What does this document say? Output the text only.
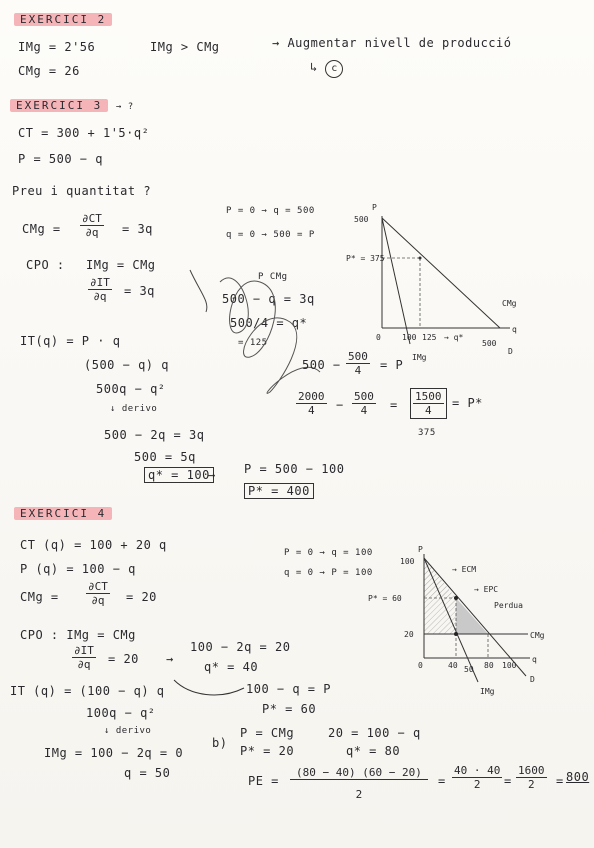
EXERCICI 2
IMg = 2'56
CMg = 26
IMg > CMg	→ Augmentar nivell de producció
↳ c
EXERCICI 3 → ?
CT = 300 + 1'5·q²
P = 500 − q
Preu i quantitat ?
CMg = $\frac{\partial CT}{\partial q} = 3q$
CPO : IMg = CMg
$\frac{\partial IT}{\partial q} = 3q$
IT(q) = P · q
(500 − q) q
500q − q²
↓ derivo
500 − 2q = 3q
500 = 5q
q* = 100
→ P = 500 − 100
P* = 400
P = 0 → q = 500
q = 0 → 500 = P
P CMg
500 − q = 3q
500/4 = q*
= 125
$500 - \frac{500}{4} = P$
$\frac{2000}{4} - \frac{500}{4} = \frac{1500}{4} = P*$
375
P
500
P* = 375
0	100 125 → q*
500
q
D
IMg
CMg
EXERCICI 4
CT (q) = 100 + 20 q
P (q) = 100 − q
CMg = $\frac{\partial CT}{\partial q} = 20$
CPO : IMg = CMg
$\frac{\partial IT}{\partial q} = 20$ →
100 − 2q = 20
q* = 40
IT (q) = (100 − q) q
100q − q²
↓ derivo
IMg = 100 − 2q = 0
q = 50
100 − q = P
P* = 60
P = 0 → q = 100
q = 0 → P = 100
b)
P = CMg
P* = 20
20 = 100 − q
q* = 80
PE = $\frac{(80 - 40) (60 - 20)}{2} = \frac{40 \cdot 40}{2} = \frac{1600}{2} = 800$
P
100
P* = 60
20
0	40 50 80 100
q
D
IMg
CMg
→ ECM
→ EPC
Perdua
